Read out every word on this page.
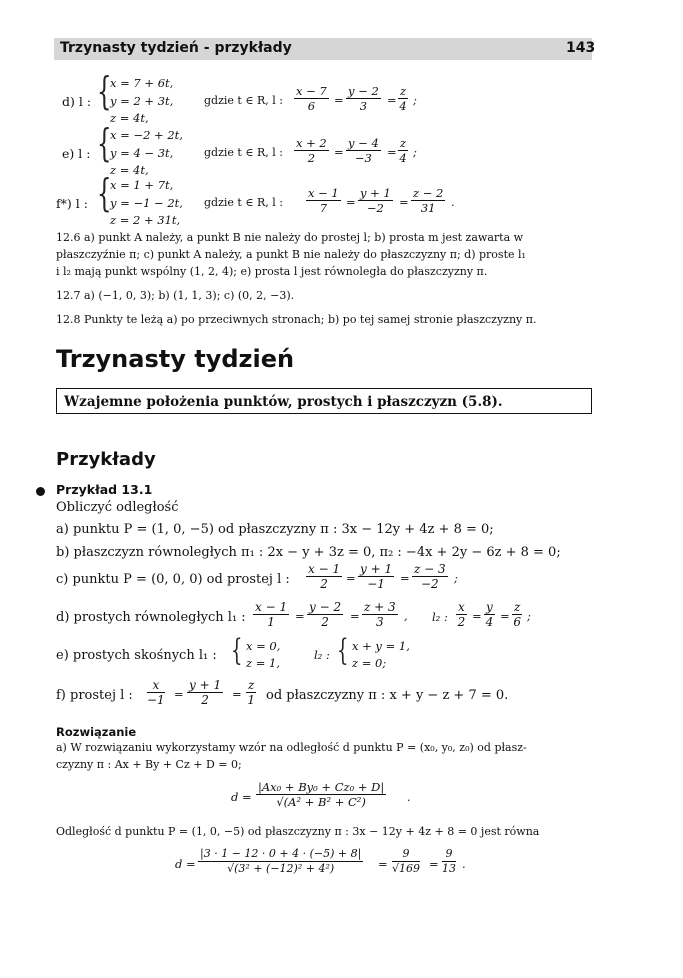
Trzynasty tydzień - przykłady	143
d) l : {
x = 7 + 6t,
y = 2 + 3t,
z = 4t,
gdzie t ∈ R, l : $\frac{x - 7}{6} = \frac{y - 2}{3} = \frac{z}{4}$ ;
e) l : {
x = −2 + 2t,
y = 4 − 3t,
z = 4t,
gdzie t ∈ R, l : $\frac{x + 2}{2} = \frac{y - 4}{-3} = \frac{z}{4}$ ;
f*) l : {
x = 1 + 7t,
y = −1 − 2t,
z = 2 + 31t,
gdzie t ∈ R, l : $\frac{x - 1}{7} = \frac{y + 1}{-2} = \frac{z - 2}{31}$ .
12.6 a) punkt A należy, a punkt B nie należy do prostej l; b) prosta m jest zawarta w
płaszczyźnie π; c) punkt A należy, a punkt B nie należy do płaszczyzny π; d) proste l₁
i l₂ mają punkt wspólny (1, 2, 4); e) prosta l jest równoległa do płaszczyzny π.
12.7 a) (−1, 0, 3); b) (1, 1, 3); c) (0, 2, −3).
12.8 Punkty te leżą a) po przeciwnych stronach; b) po tej samej stronie płaszczyzny π.
Trzynasty tydzień
Wzajemne położenia punktów, prostych i płaszczyzn (5.8).
Przykłady
Przykład 13.1
Obliczyć odległość
a) punktu P = (1, 0, −5) od płaszczyzny π : 3x − 12y + 4z + 8 = 0;
b) płaszczyzn równoległych π₁ : 2x − y + 3z = 0, π₂ : −4x + 2y − 6z + 8 = 0;
c) punktu P = (0, 0, 0) od prostej l : $\frac{x - 1}{2} = \frac{y + 1}{-1} = \frac{z - 3}{-2}$ ;
d) prostych równoległych l₁ : $\frac{x - 1}{1} = \frac{y - 2}{2} = \frac{z + 3}{3}$ , l₂ : $\frac{x}{2} = \frac{y}{4} = \frac{z}{6}$ ;
e) prostych skośnych l₁ : { x = 0,
z = 1,
l₂ : { x + y = 1,
z = 0;
f) prostej l : $\frac{x}{-1} = \frac{y + 1}{2} = \frac{z}{1}$ od płaszczyzny π : x + y − z + 7 = 0.
Rozwiązanie
a) W rozwiązaniu wykorzystamy wzór na odległość d punktu P = (x₀, y₀, z₀) od płasz-
czyzny π : Ax + By + Cz + D = 0;
$d = \frac{\text{|Ax₀ + By₀ + Cz₀ + D|}}{\text{√(A² + B² + C²)}}$ .
Odległość d punktu P = (1, 0, −5) od płaszczyzny π : 3x − 12y + 4z + 8 = 0 jest równa
$d = \frac{|3 \cdot 1 - 12 \cdot 0 + 4 \cdot (-5) + 8|}{\text{√(3² + (−12)² + 4²)}} = \frac{9}{√169} = \frac{9}{13}$ .
